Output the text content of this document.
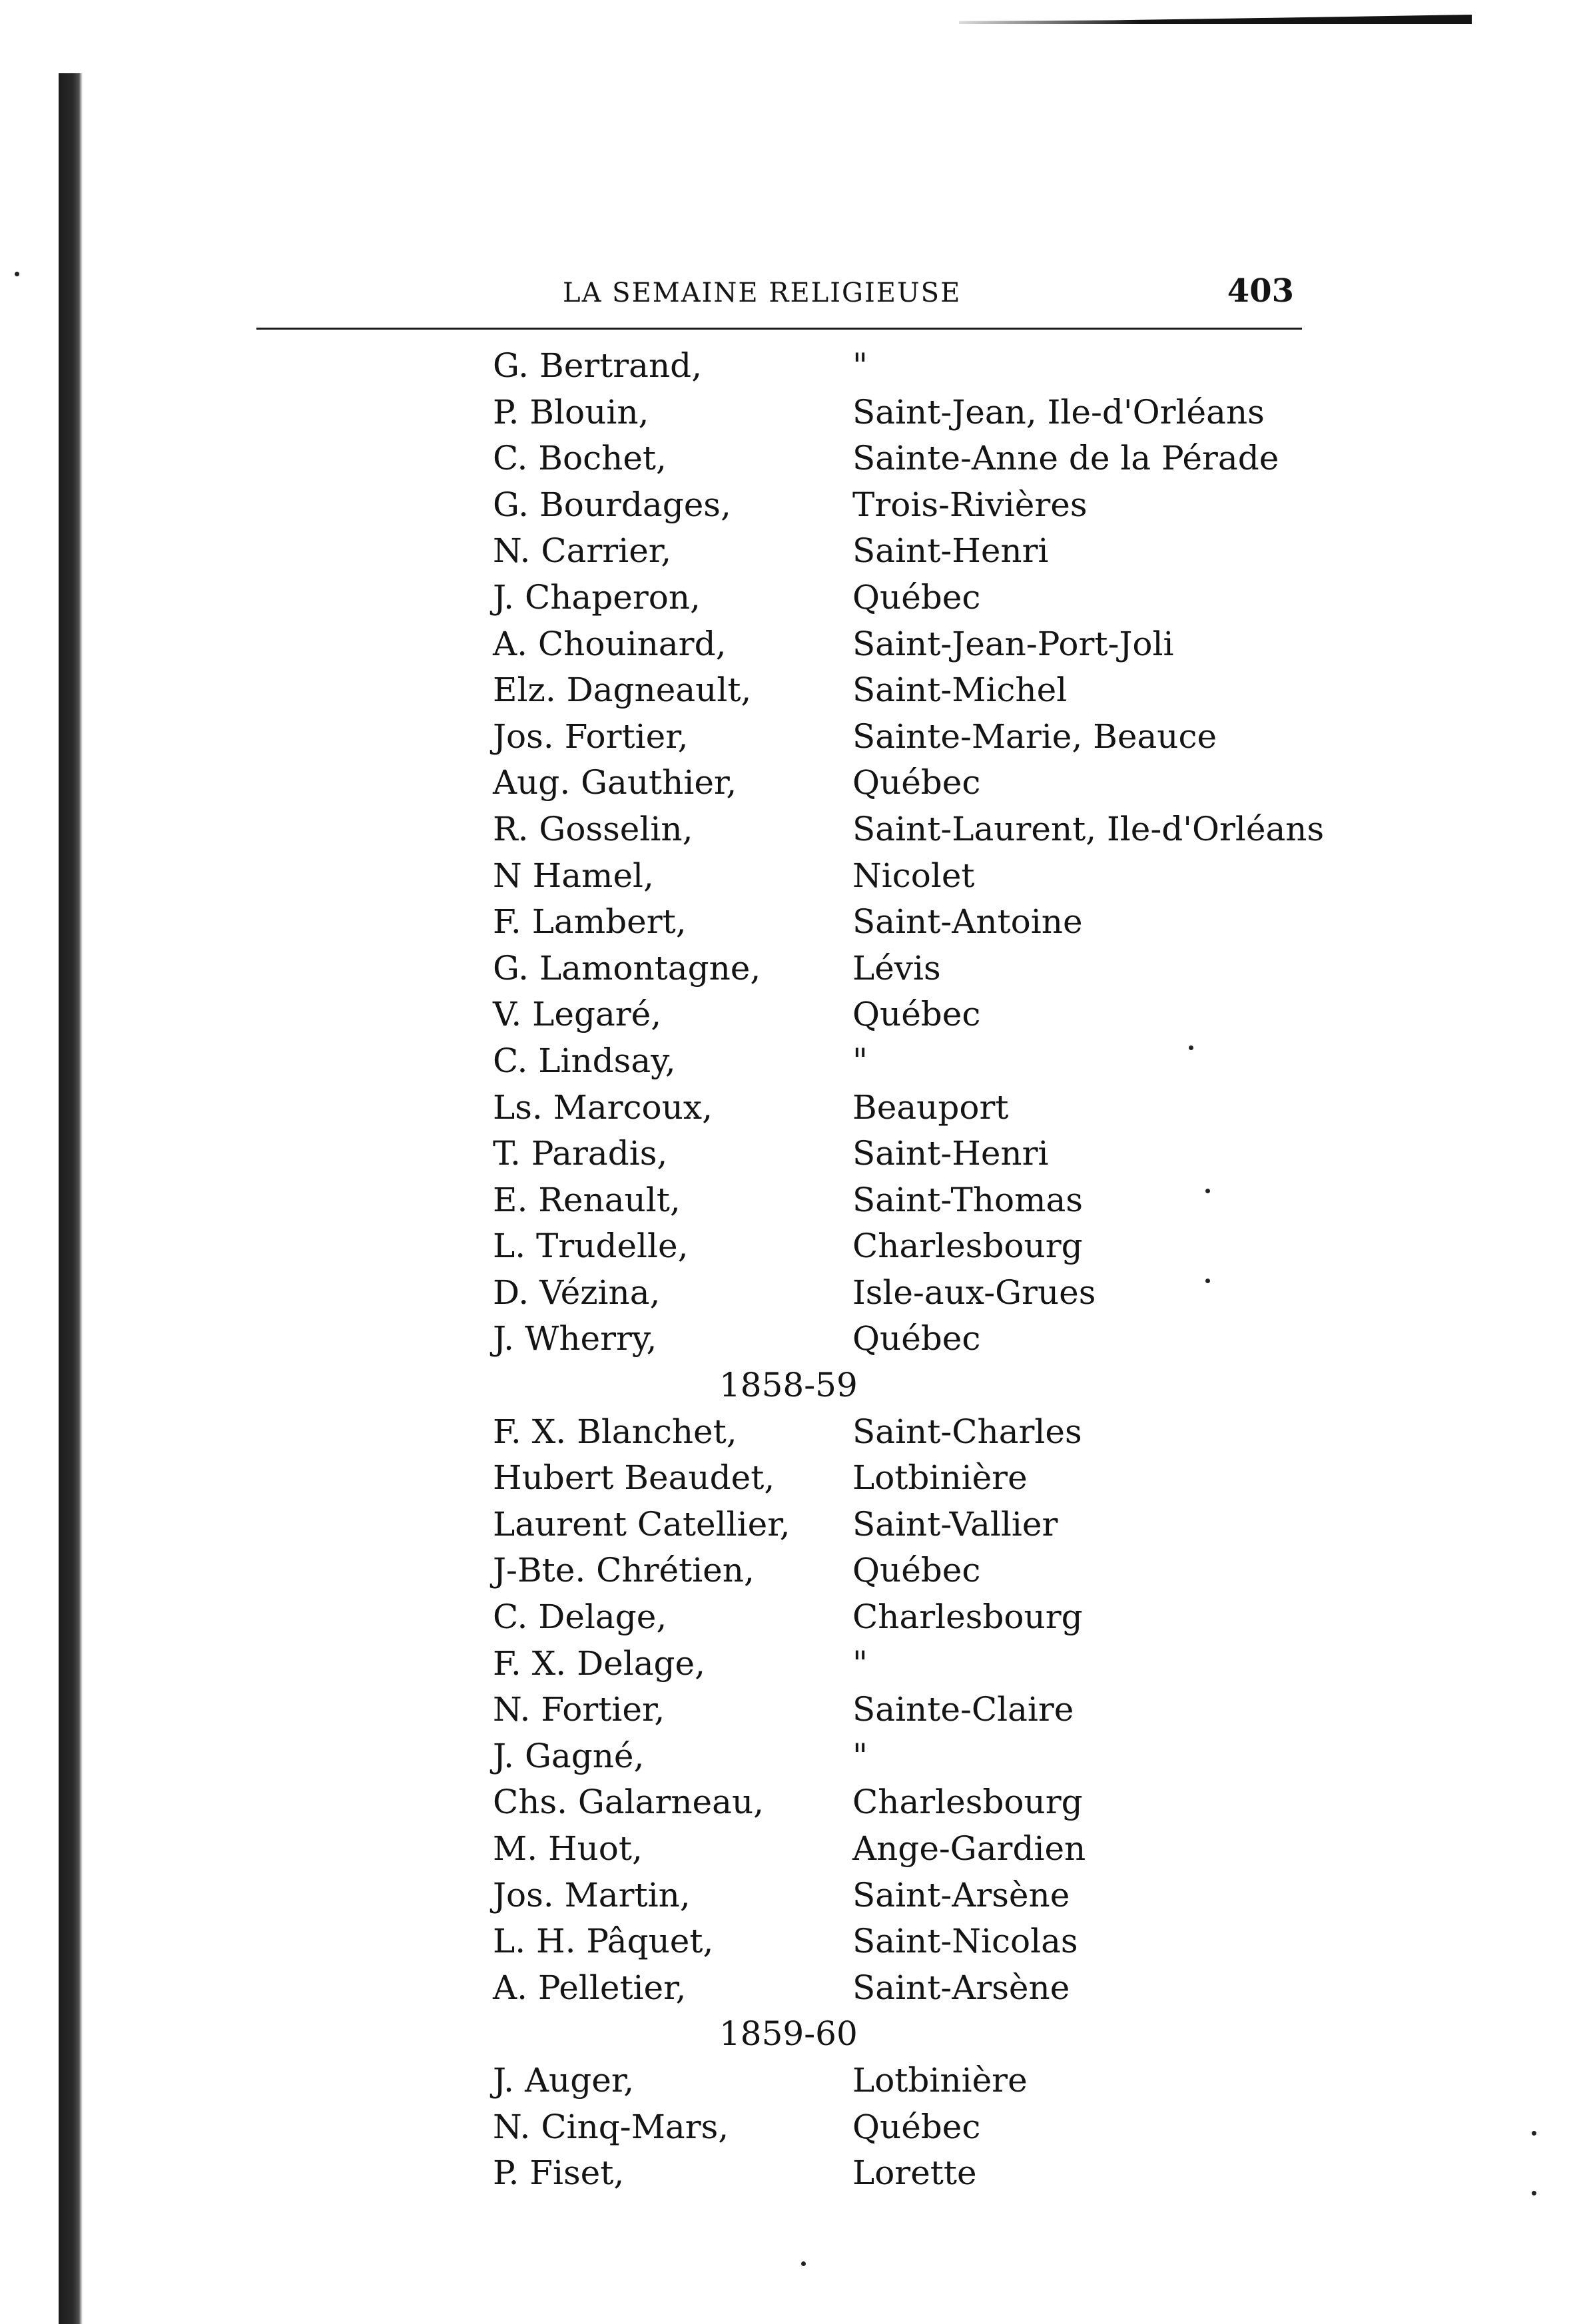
LA SEMAINE RELIGIEUSE	403
G. Bertrand,	"
P. Blouin,	Saint-Jean, Ile-d'Orléans
C. Bochet,	Sainte-Anne de la Pérade
G. Bourdages,	Trois-Rivières
N. Carrier,	Saint-Henri
J. Chaperon,	Québec
A. Chouinard,	Saint-Jean-Port-Joli
Elz. Dagneault,	Saint-Michel
Jos. Fortier,	Sainte-Marie, Beauce
Aug. Gauthier,	Québec
R. Gosselin,	Saint-Laurent, Ile-d'Orléans
N Hamel,	Nicolet
F. Lambert,	Saint-Antoine
G. Lamontagne,	Lévis
V. Legaré,	Québec
C. Lindsay,	"
Ls. Marcoux,	Beauport
T. Paradis,	Saint-Henri
E. Renault,	Saint-Thomas
L. Trudelle,	Charlesbourg
D. Vézina,	Isle-aux-Grues
J. Wherry,	Québec
1858-59
F. X. Blanchet,	Saint-Charles
Hubert Beaudet, Lotbinière
Laurent Catellier, Saint-Vallier
J-Bte. Chrétien,	Québec
C. Delage,	Charlesbourg
F. X. Delage,	"
N. Fortier,	Sainte-Claire
J. Gagné,	"
Chs. Galarneau,	Charlesbourg
M. Huot,	Ange-Gardien
Jos. Martin,	Saint-Arsène
L. H. Pâquet,	Saint-Nicolas
A. Pelletier,	Saint-Arsène
1859-60
J. Auger,	Lotbinière
N. Cinq-Mars,	Québec
P. Fiset,	Lorette
